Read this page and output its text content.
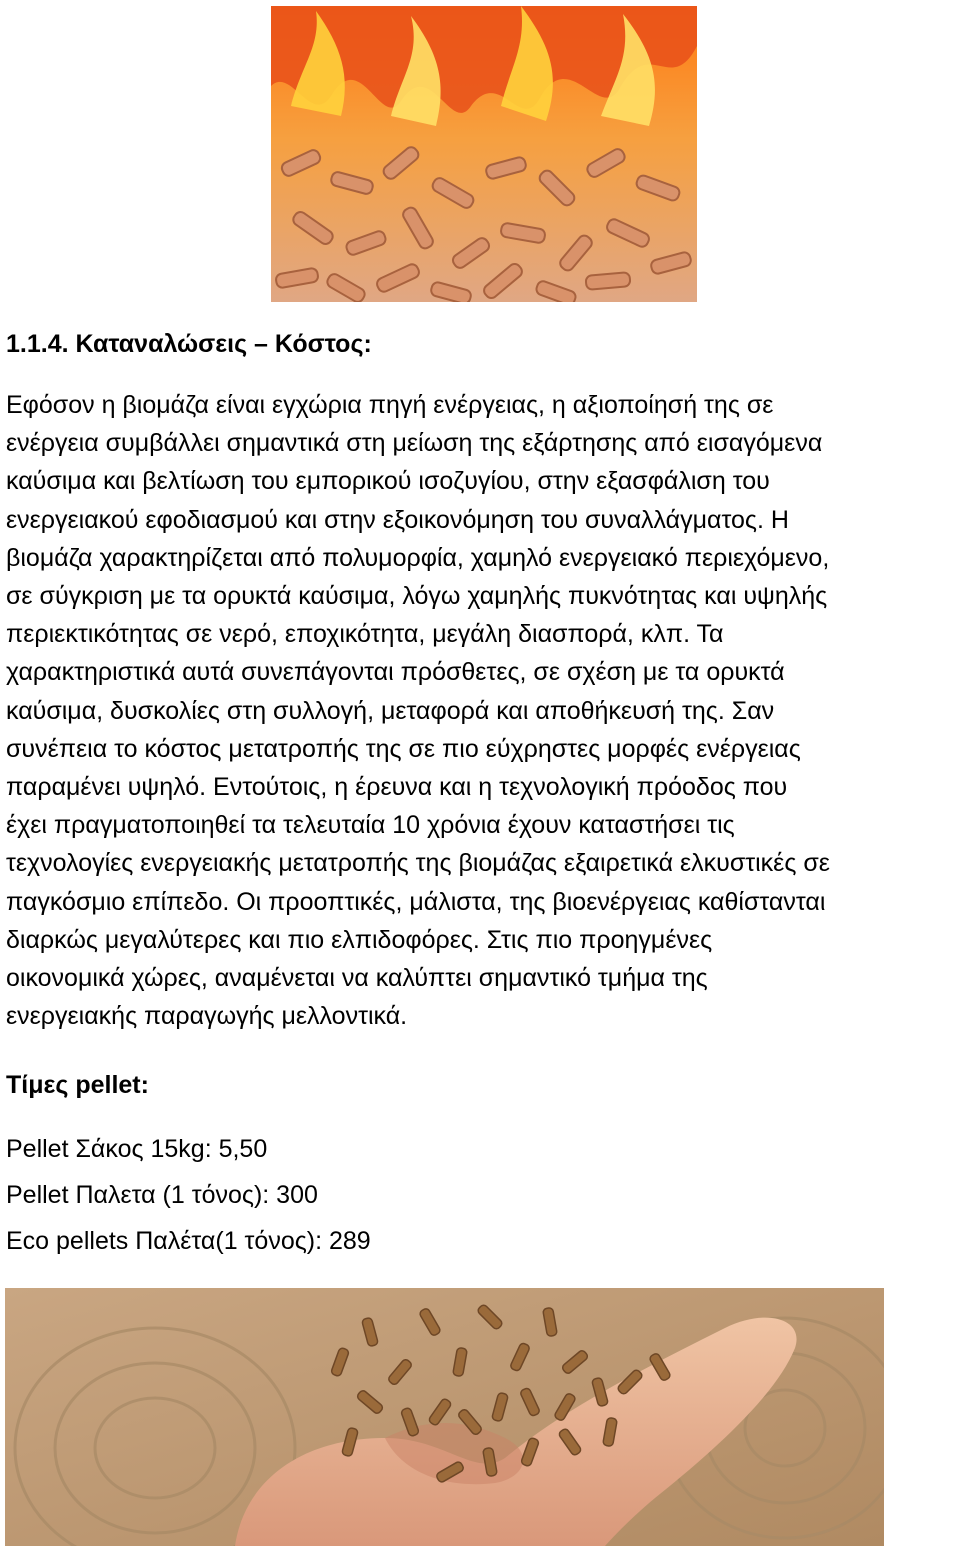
1.1.4. Καταναλώσεις – Κόστος:

Εφόσον η βιομάζα είναι εγχώρια πηγή ενέργειας, η αξιοποίησή της σε
ενέργεια συμβάλλει σημαντικά στη μείωση της εξάρτησης από εισαγόμενα
καύσιμα και βελτίωση του εμπορικού ισοζυγίου, στην εξασφάλιση του
ενεργειακού εφοδιασμού και στην εξοικονόμηση του συναλλάγματος. Η
βιομάζα χαρακτηρίζεται από πολυμορφία, χαμηλό ενεργειακό περιεχόμενο,
σε σύγκριση με τα ορυκτά καύσιμα, λόγω χαμηλής πυκνότητας και υψηλής
περιεκτικότητας σε νερό, εποχικότητα, μεγάλη διασπορά, κλπ. Τα
χαρακτηριστικά αυτά συνεπάγονται πρόσθετες, σε σχέση με τα ορυκτά
καύσιμα, δυσκολίες στη συλλογή, μεταφορά και αποθήκευσή της. Σαν
συνέπεια το κόστος μετατροπής της σε πιο εύχρηστες μορφές ενέργειας
παραμένει υψηλό. Εντούτοις, η έρευνα και η τεχνολογική πρόοδος που
έχει πραγματοποιηθεί τα τελευταία 10 χρόνια έχουν καταστήσει τις
τεχνολογίες ενεργειακής μετατροπής της βιομάζας εξαιρετικά ελκυστικές σε
παγκόσμιο επίπεδο. Οι προοπτικές, μάλιστα, της βιοενέργειας καθίστανται
διαρκώς μεγαλύτερες και πιο ελπιδοφόρες. Στις πιο προηγμένες
οικονομικά χώρες, αναμένεται να καλύπτει σημαντικό τμήμα της
ενεργειακής παραγωγής μελλοντικά.

Τίμες pellet:
Pellet Σάκος 15kg: 5,50
Pellet Παλετα (1 τόνος): 300
Eco pellets Παλέτα(1 τόνος): 289
